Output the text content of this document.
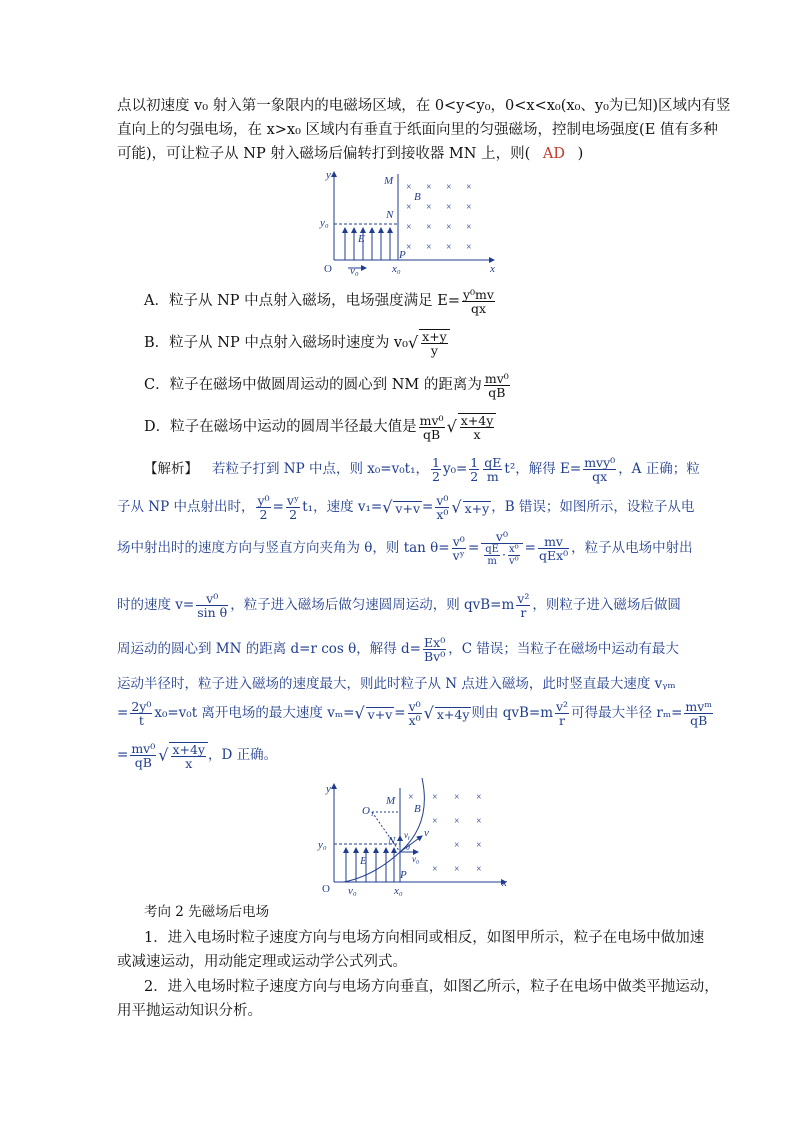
点以初速度 v₀ 射入第一象限内的电磁场区域，在 0<y<y₀，0<x<x₀(x₀、y₀为已知)区域内有竖
直向上的匀强电场，在 x>x₀ 区域内有垂直于纸面向里的匀强磁场，控制电场强度(E 值有多种
可能)，可让粒子从 NP 射入磁场后偏转打到接收器 MN 上，则( AD )
y
x
O
M
N
P
B
E
y₀
x₀
v₀
× × × ×
× × × ×
× × × ×
× × × ×
A．粒子从 NP 中点射入磁场，电场强度满足 $E= \frac{\text{y⁰mv}}{qx}$
B．粒子从 NP 中点射入磁场时速度为 $v_0√ \frac{x+y}{y}$
C．粒子在磁场中做圆周运动的圆心到 NM 的距离为 $\frac{\text{mv⁰}}{qB}$
D．粒子在磁场中运动的圆周半径最大值是 $\frac{\text{mv⁰}}{qB}$ √ $\frac{x+4y}{x}$
【解析】 若粒子打到 NP 中点，则 x₀=v₀t₁， $\frac{1}{2} y_0= \frac{1}{2} \frac{qE}{m} t^2$，解得 $E= \frac{\text{mvy⁰}}{qx}$ ，A 正确；粒
子从 NP 中点射出时， $\frac{\text{y⁰}}{2} = \frac{\text{vʸ}}{2} t_1$，速度 v₁=√ $v+v = \frac{\text{v⁰}}{\text{x⁰}}$ √ x+y ，B 错误；如图所示，设粒子从电
场中射出时的速度方向与竖直方向夹角为 θ，则 $\tan \theta= \frac{\text{v⁰}}{\text{vʸ}} = \frac{\text{v⁰}}{\frac{qE}{m} \cdot \frac{\text{x⁰}}{\text{v⁰}}} = \frac{mv}{\text{qEx⁰}}$ ，粒子从电场中射出
时的速度 $v= \frac{\text{v⁰}}{\text{sin θ}}$ ，粒子进入磁场后做匀速圆周运动，则 $qvB=m \frac{\text{v²}}{r}$ ，则粒子进入磁场后做圆
周运动的圆心到 MN 的距离 d=r cos θ，解得 $d= \frac{\text{Ex⁰}}{\text{Bv⁰}}$ ，C 错误；当粒子在磁场中运动有最大
运动半径时，粒子进入磁场的速度最大，则此时粒子从 N 点进入磁场，此时竖直最大速度 vᵧₘ
= $\frac{\text{2y⁰}}{t} x_0=v_0t$ 离开电场的最大速度 vₘ=√ $v+v = \frac{\text{v⁰}}{\text{x⁰}}$ √ x+4y 则由 $qvB=m \frac{\text{v²}}{r}$ 可得最大半径 $r_m= \frac{\text{mvᵐ}}{qB}$
= $\frac{\text{mv⁰}}{qB}$ √ $\frac{x+4y}{x}$ ，D 正确。
y
x
O
O₁
M
N
P
B
E
y₀
x₀
v₀
v
vᵧ
v₀
θ
× × × ×
× × ×
× ×
× × ×
考向 2 先磁场后电场
1．进入电场时粒子速度方向与电场方向相同或相反，如图甲所示，粒子在电场中做加速
或减速运动，用动能定理或运动学公式列式。
2．进入电场时粒子速度方向与电场方向垂直，如图乙所示，粒子在电场中做类平抛运动，
用平抛运动知识分析。
